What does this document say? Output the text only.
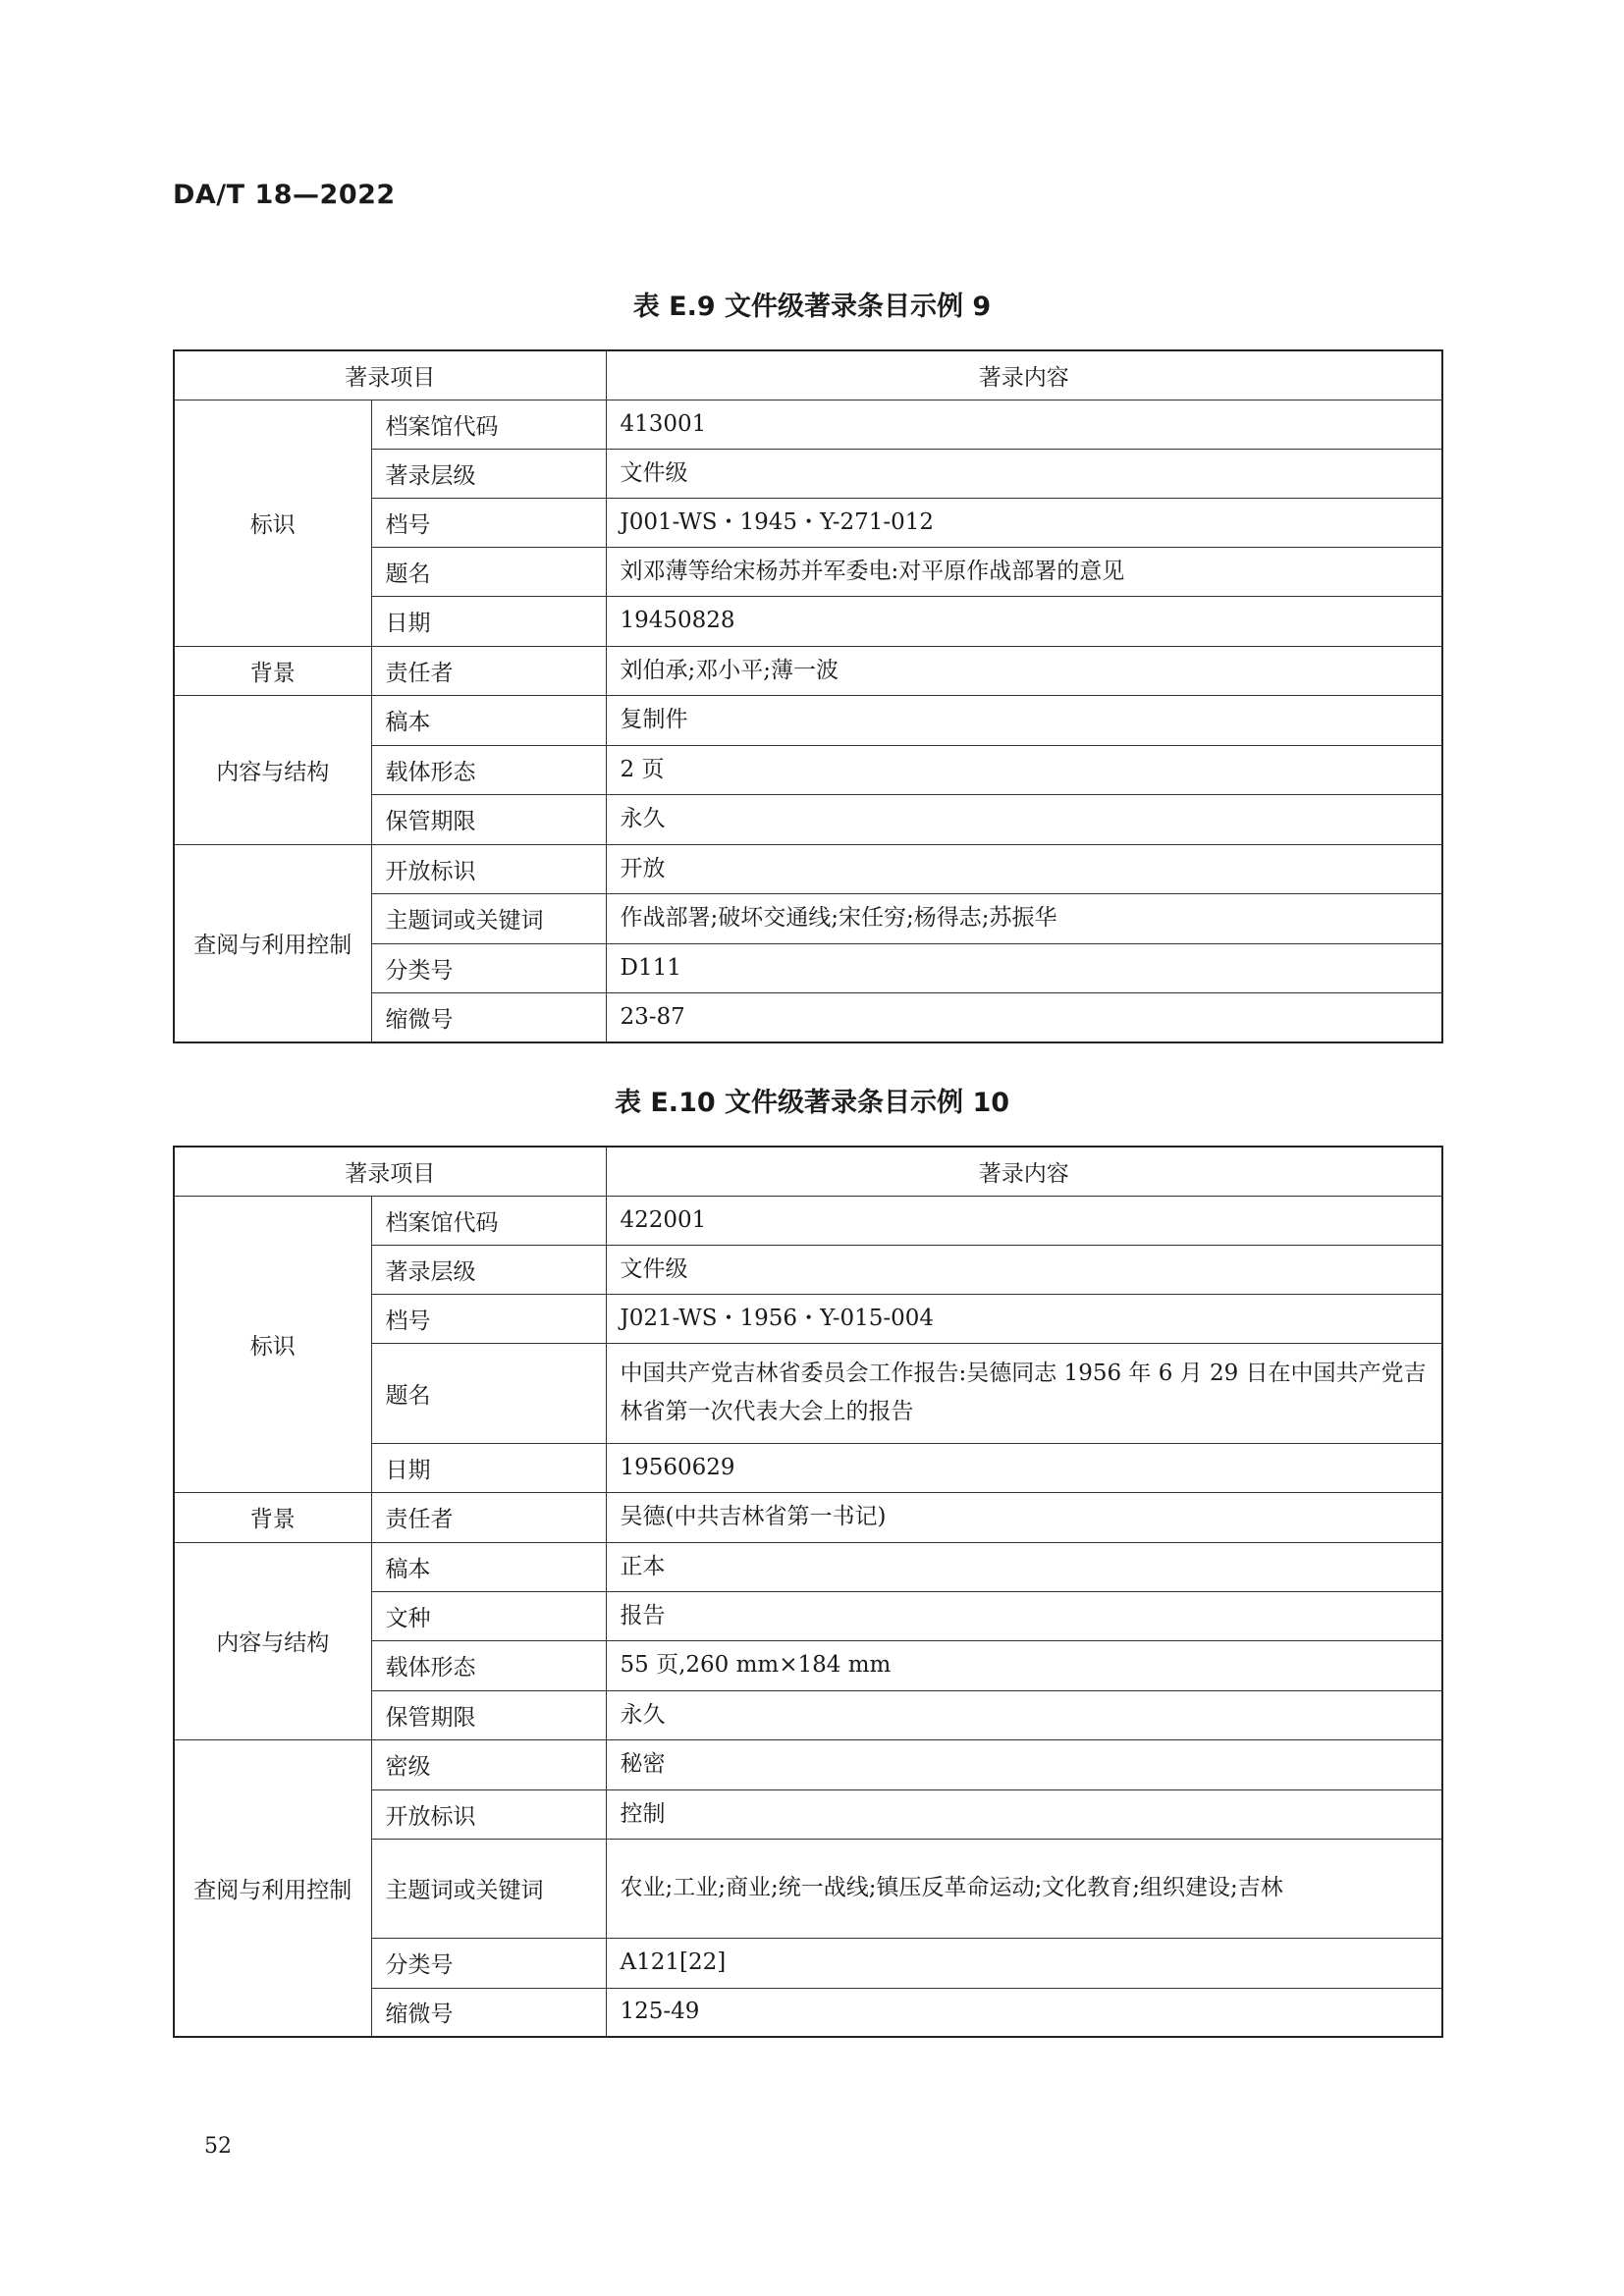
DA/T 18—2022
表 E.9 文件级著录条目示例 9
著录项目		著录内容
标识	档案馆代码	413001
	著录层级	文件级
	档号	J001-WS・1945・Y-271-012
	题名	刘邓薄等给宋杨苏并军委电:对平原作战部署的意见
	日期	19450828
背景	责任者	刘伯承;邓小平;薄一波
内容与结构	稿本	复制件
	载体形态	2 页
	保管期限	永久
查阅与利用控制	开放标识	开放
	主题词或关键词	作战部署;破坏交通线;宋任穷;杨得志;苏振华
	分类号	D111
	缩微号	23-87
表 E.10 文件级著录条目示例 10
著录项目		著录内容
标识	档案馆代码	422001
	著录层级	文件级
	档号	J021-WS・1956・Y-015-004
	题名	中国共产党吉林省委员会工作报告:吴德同志 1956 年 6 月 29 日在中国共产党吉林省第一次代表大会上的报告
	日期	19560629
背景	责任者	吴德(中共吉林省第一书记)
内容与结构	稿本	正本
	文种	报告
	载体形态	55 页,260 mm×184 mm
	保管期限	永久
查阅与利用控制	密级	秘密
	开放标识	控制
	主题词或关键词	农业;工业;商业;统一战线;镇压反革命运动;文化教育;组织建设;吉林
	分类号	A121[22]
	缩微号	125-49
52
